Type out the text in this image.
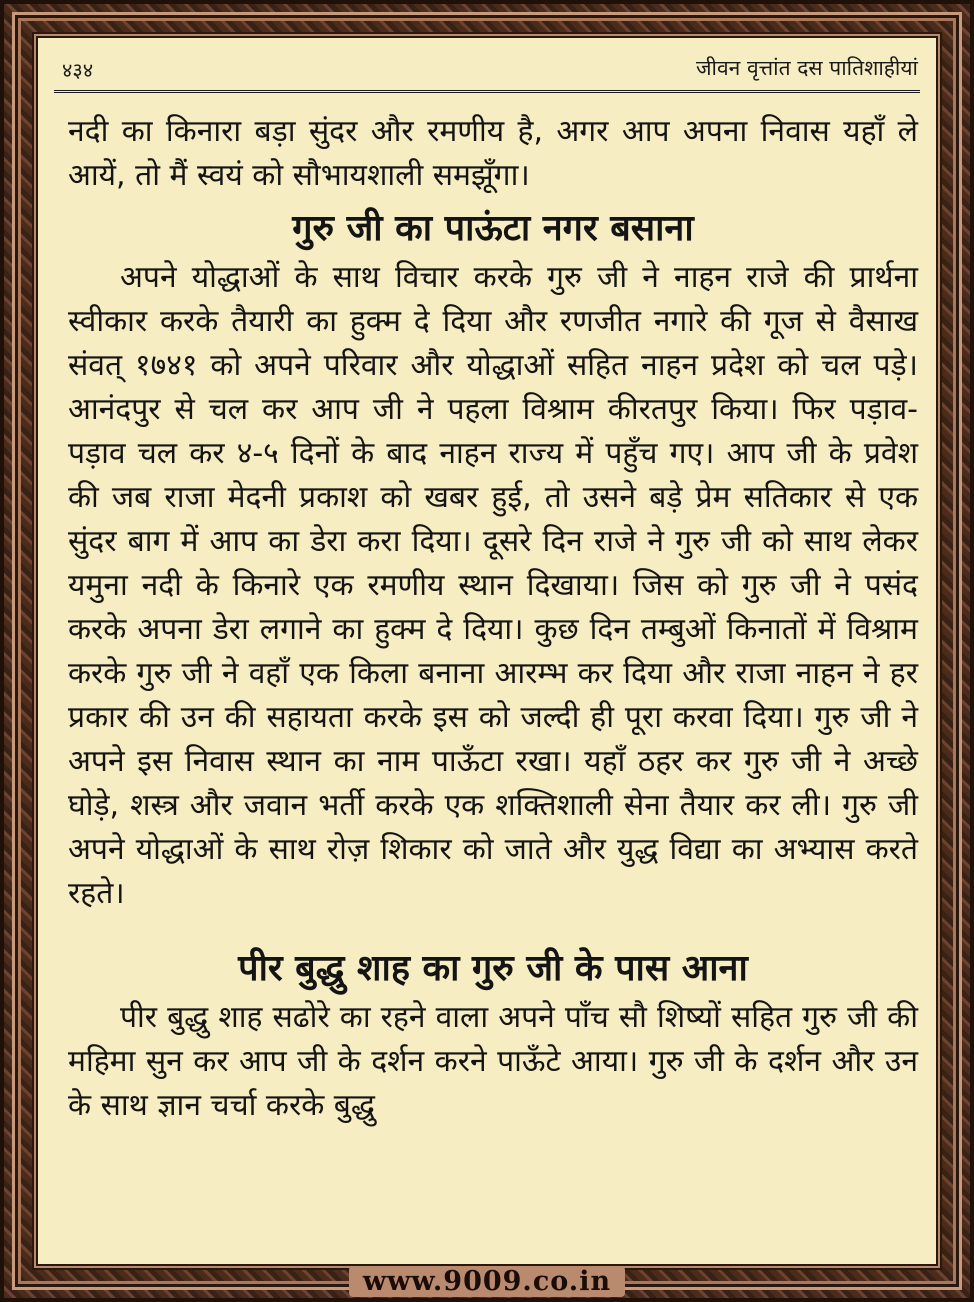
४३४	जीवन वृत्तांत दस पातिशाहीयां

नदी का किनारा बड़ा सुंदर और रमणीय है, अगर आप अपना निवास यहाँ ले आयें, तो मैं स्वयं को सौभायशाली समझूँगा।

गुरु जी का पाऊंटा नगर बसाना

अपने योद्धाओं के साथ विचार करके गुरु जी ने नाहन राजे की प्रार्थना स्वीकार करके तैयारी का हुक्म दे दिया और रणजीत नगारे की गूज से वैसाख संवत् १७४१ को अपने परिवार और योद्धाओं सहित नाहन प्रदेश को चल पड़े। आनंदपुर से चल कर आप जी ने पहला विश्राम कीरतपुर किया। फिर पड़ाव-पड़ाव चल कर ४-५ दिनों के बाद नाहन राज्य में पहुँच गए। आप जी के प्रवेश की जब राजा मेदनी प्रकाश को खबर हुई, तो उसने बड़े प्रेम सतिकार से एक सुंदर बाग में आप का डेरा करा दिया। दूसरे दिन राजे ने गुरु जी को साथ लेकर यमुना नदी के किनारे एक रमणीय स्थान दिखाया। जिस को गुरु जी ने पसंद करके अपना डेरा लगाने का हुक्म दे दिया। कुछ दिन तम्बुओं किनातों में विश्राम करके गुरु जी ने वहाँ एक किला बनाना आरम्भ कर दिया और राजा नाहन ने हर प्रकार की उन की सहायता करके इस को जल्दी ही पूरा करवा दिया। गुरु जी ने अपने इस निवास स्थान का नाम पाऊँटा रखा। यहाँ ठहर कर गुरु जी ने अच्छे घोड़े, शस्त्र और जवान भर्ती करके एक शक्तिशाली सेना तैयार कर ली। गुरु जी अपने योद्धाओं के साथ रोज़ शिकार को जाते और युद्ध विद्या का अभ्यास करते रहते।

पीर बुद्धु शाह का गुरु जी के पास आना

पीर बुद्धु शाह सढोरे का रहने वाला अपने पाँच सौ शिष्यों सहित गुरु जी की महिमा सुन कर आप जी के दर्शन करने पाऊँटे आया। गुरु जी के दर्शन और उन के साथ ज्ञान चर्चा करके बुद्धु

www.9009.co.in
